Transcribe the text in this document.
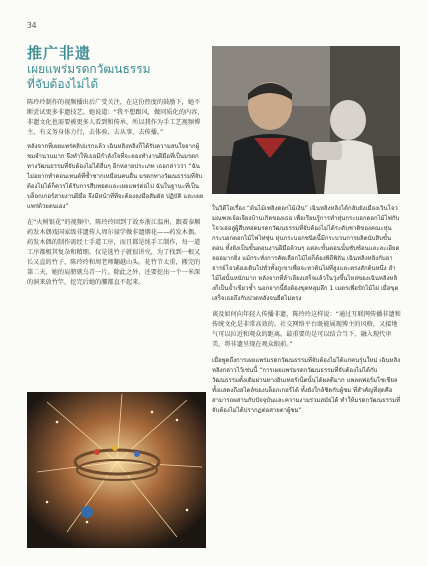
34
推广非遗
เผยแพร่มรดกวัฒนธรรม
ที่จับต้องไม่ได้

陈玲玲制作的视频播出后广受关注，在这份热度的鼓励下，她不断尝试更多非遗技艺。她说道：“我不想跟风，做同质化的内容，非遗文化也需要被更多人看到和传承，所以我作为手工艺视频博主，有义务身体力行，去体验、去从事、去传播。”

หลังจากที่เผยแพร่คลิปแรกแล้ว เฉินหลิงหลิงก็ได้รับความสนใจจากผู้ชมจำนวนมาก จึงทำให้เธอมีกำลังใจที่จะลองทำงานฝีมือที่เป็นมรดกทางวัฒนธรรมที่จับต้องไม่ได้อื่นๆ อีกหลายประเภท เธอกล่าวว่า “ฉันไม่อยากทำคอนเทนต์ที่ซ้ำซากเหมือนคนอื่น มรดกทางวัฒนธรรมที่จับต้องไม่ได้ก็ควรได้รับการสืบทอดและเผยแพร่ต่อไป ฉันในฐานะที่เป็นบล็อกเกอร์สายงานฝีมือ จึงมีหน้าที่ที่จะต้องลงมือสัมผัส ปฏิบัติ และเผยแพร่ด้วยตนเอง”

在“火树银花”的视频中，陈玲玲回到了故乡浙江温州，跟着泰顺药发木偶戏国家级非遗传人周尔禄学做非遗烟花——药发木偶。药发木偶的制作需经士手道工序，而且都是纯手工制作，每一道工序都极其复杂和精细。仅是选竹子就很讲究，为了找到一根又长又直的竹子，陈玲玲和周老师翻越山头。花竹节太重，搬完的第二天，她的肩膀就乌青一片。除此之外，还要挖出一个一米深的洞来放竹竿，挖完后她的腰都直不起来。

ในวิดีโอเรื่อง “ต้นไม้เพลิงดอกไม้เงิน” เฉินหลิงหลิงได้กลับยังเมืองเวินโจวมณฑลเจ้อเจียงบ้านเกิดของเธอ เพื่อเรียนรู้การทำหุ่นกระบอกดอกไม้ไฟกับโจวเอ่อลู่ผู้สืบทอดมรดกวัฒนธรรมที่จับต้องไม่ได้ระดับชาติของคณะหุ่นกระบอกดอกไม้ไฟไท่ซุ่น หุ่นกระบอกชนิดนี้มีกระบวนการผลิตนับสิบขั้นตอน ทั้งยังเป็นขั้นตอนงานฝีมือล้วนๆ แต่ละขั้นตอนนั้นซับซ้อนและละเอียดลออมากยิ่ง แม้กระทั่งการคัดเลือกไม้ไผ่ก็ต้องพิถีพิถัน เฉินหลิงหลิงกับอาจารย์โจวต้องเดินไปทั่วทั้งภูเขาเพื่อจะหาต้นไผ่ที่สูงและตรงสักต้นหนึ่ง ลำไม้ไผ่นั้นหนักมาก หลังจากที่ลำเลียงเสร็จแล้วในวุ่งขึ้นไหล่ของเฉินหลิงหลิงก็เป็นจ้ำเขียวช้ำ นอกจากนี้ยังต้องขุดหลุมลึก 1 เมตรเพื่อปักไม้ไผ่ เมื่อขุดเสร็จเธอถึงกับปวดหลังจนยืดไม่ตรง

谈及如何向年轻人传播非遗，陈玲玲这样说：“通过互联网传播非遗和传统文化是非常高效的。社交网络平台既能展现博主的风格，又接地气可以拉近和观众的距离。最重要的是可以结合当下，融入现代审美，将非遗呈现在观众眼前。”

เมื่อพูดถึงการเผยแพร่มรดกวัฒนธรรมที่จับต้องไม่ได้แก่คนรุ่นใหม่ เฉินหลิงหลิงกล่าวไว้เช่นนี้ “การเผยแพร่มรดกวัฒนธรรมที่จับต้องไม่ได้กับวัฒนธรรมดั้งเดิมผ่านทางอินเทอร์เน็ตนั้นได้ผลดีมาก แพลตฟอร์มโซเชียลทั้งแสดงถึงสไตล์ของบล็อกเกอร์ได้ ทั้งยังใกล้ชิดกับผู้ชม ที่สำคัญที่สุดคือสามารถผสานกับปัจจุบันและความงามร่วมสมัยได้ ทำให้มรดกวัฒนธรรมที่จับต้องไม่ได้ปรากฏต่อสายตาผู้ชม”
